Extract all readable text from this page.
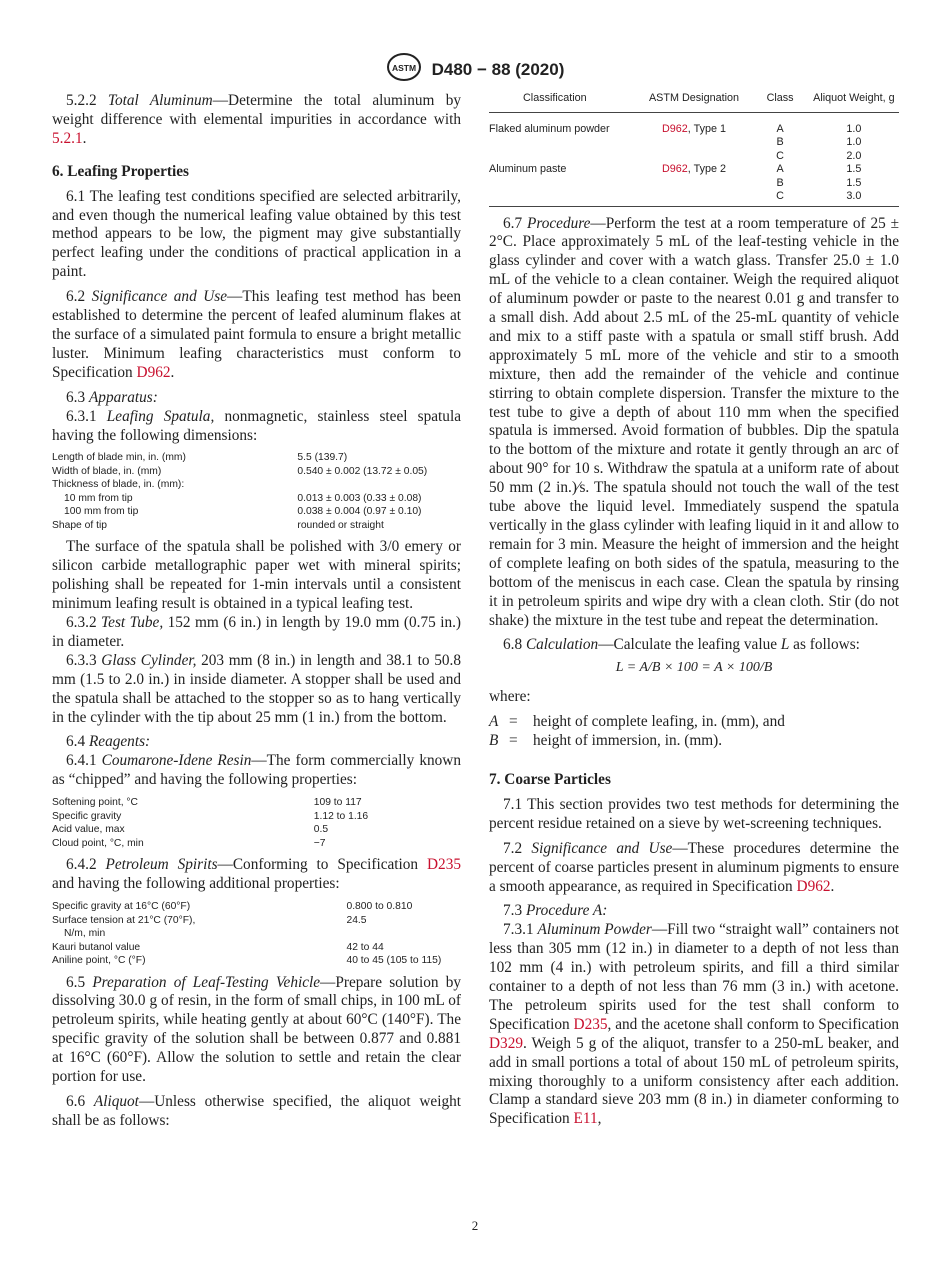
ASTM D480 − 88 (2020)

5.2.2 Total Aluminum—Determine the total aluminum by weight difference with elemental impurities in accordance with 5.2.1.

6. Leafing Properties

6.1 The leafing test conditions specified are selected arbitrarily, and even though the numerical leafing value obtained by this test method appears to be low, the pigment may give substantially perfect leafing under the conditions of practical application in a paint.

6.2 Significance and Use—This leafing test method has been established to determine the percent of leafed aluminum flakes at the surface of a simulated paint formula to ensure a bright metallic luster. Minimum leafing characteristics must conform to Specification D962.

6.3 Apparatus:

6.3.1 Leafing Spatula, nonmagnetic, stainless steel spatula having the following dimensions:

Length of blade min, in. (mm)	5.5 (139.7)
Width of blade, in. (mm)	0.540 ± 0.002 (13.72 ± 0.05)
Thickness of blade, in. (mm):	
10 mm from tip	0.013 ± 0.003 (0.33 ± 0.08)
100 mm from tip	0.038 ± 0.004 (0.97 ± 0.10)
Shape of tip	rounded or straight

The surface of the spatula shall be polished with 3/0 emery or silicon carbide metallographic paper wet with mineral spirits; polishing shall be repeated for 1-min intervals until a consistent minimum leafing result is obtained in a typical leafing test.

6.3.2 Test Tube, 152 mm (6 in.) in length by 19.0 mm (0.75 in.) in diameter.

6.3.3 Glass Cylinder, 203 mm (8 in.) in length and 38.1 to 50.8 mm (1.5 to 2.0 in.) in inside diameter. A stopper shall be used and the spatula shall be attached to the stopper so as to hang vertically in the cylinder with the tip about 25 mm (1 in.) from the bottom.

6.4 Reagents:

6.4.1 Coumarone-Idene Resin—The form commercially known as “chipped” and having the following properties:

Softening point, °C	109 to 117
Specific gravity	1.12 to 1.16
Acid value, max	0.5
Cloud point, °C, min	−7

6.4.2 Petroleum Spirits—Conforming to Specification D235 and having the following additional properties:

Specific gravity at 16°C (60°F)	0.800 to 0.810
Surface tension at 21°C (70°F),	24.5
N/m, min	
Kauri butanol value	42 to 44
Aniline point, °C (°F)	40 to 45 (105 to 115)

6.5 Preparation of Leaf-Testing Vehicle—Prepare solution by dissolving 30.0 g of resin, in the form of small chips, in 100 mL of petroleum spirits, while heating gently at about 60°C (140°F). The specific gravity of the solution shall be between 0.877 and 0.881 at 16°C (60°F). Allow the solution to settle and retain the clear portion for use.

6.6 Aliquot—Unless otherwise specified, the aliquot weight shall be as follows:

Classification	ASTM Designation	Class	Aliquot Weight, g
Flaked aluminum powder	D962, Type 1	A	1.0
		B	1.0
		C	2.0
Aluminum paste	D962, Type 2	A	1.5
		B	1.5
		C	3.0

6.7 Procedure—Perform the test at a room temperature of 25 ± 2°C. Place approximately 5 mL of the leaf-testing vehicle in the glass cylinder and cover with a watch glass. Transfer 25.0 ± 1.0 mL of the vehicle to a clean container. Weigh the required aliquot of aluminum powder or paste to the nearest 0.01 g and transfer to a small dish. Add about 2.5 mL of the 25-mL quantity of vehicle and mix to a stiff paste with a spatula or small stiff brush. Add approximately 5 mL more of the vehicle and stir to a smooth mixture, then add the remainder of the vehicle and continue stirring to obtain complete dispersion. Transfer the mixture to the test tube to give a depth of about 110 mm when the specified spatula is immersed. Avoid formation of bubbles. Dip the spatula to the bottom of the mixture and rotate it gently through an arc of about 90° for 10 s. Withdraw the spatula at a uniform rate of about 50 mm (2 in.)⁄s. The spatula should not touch the wall of the test tube above the liquid level. Immediately suspend the spatula vertically in the glass cylinder with leafing liquid in it and allow to remain for 3 min. Measure the height of immersion and the height of complete leafing on both sides of the spatula, measuring to the bottom of the meniscus in each case. Clean the spatula by rinsing it in petroleum spirits and wipe dry with a clean cloth. Stir (do not shake) the mixture in the test tube and repeat the determination.

6.8 Calculation—Calculate the leafing value L as follows:

L = A/B × 100 = A × 100/B

where:

A = height of complete leafing, in. (mm), and
B = height of immersion, in. (mm).
7. Coarse Particles

7.1 This section provides two test methods for determining the percent residue retained on a sieve by wet-screening techniques.

7.2 Significance and Use—These procedures determine the percent of coarse particles present in aluminum pigments to ensure a smooth appearance, as required in Specification D962.

7.3 Procedure A:

7.3.1 Aluminum Powder—Fill two “straight wall” containers not less than 305 mm (12 in.) in diameter to a depth of not less than 102 mm (4 in.) with petroleum spirits, and fill a third similar container to a depth of not less than 76 mm (3 in.) with acetone. The petroleum spirits used for the test shall conform to Specification D235, and the acetone shall conform to Specification D329. Weigh 5 g of the aliquot, transfer to a 250-mL beaker, and add in small portions a total of about 150 mL of petroleum spirits, mixing thoroughly to a uniform consistency after each addition. Clamp a standard sieve 203 mm (8 in.) in diameter conforming to Specification E11,

2
